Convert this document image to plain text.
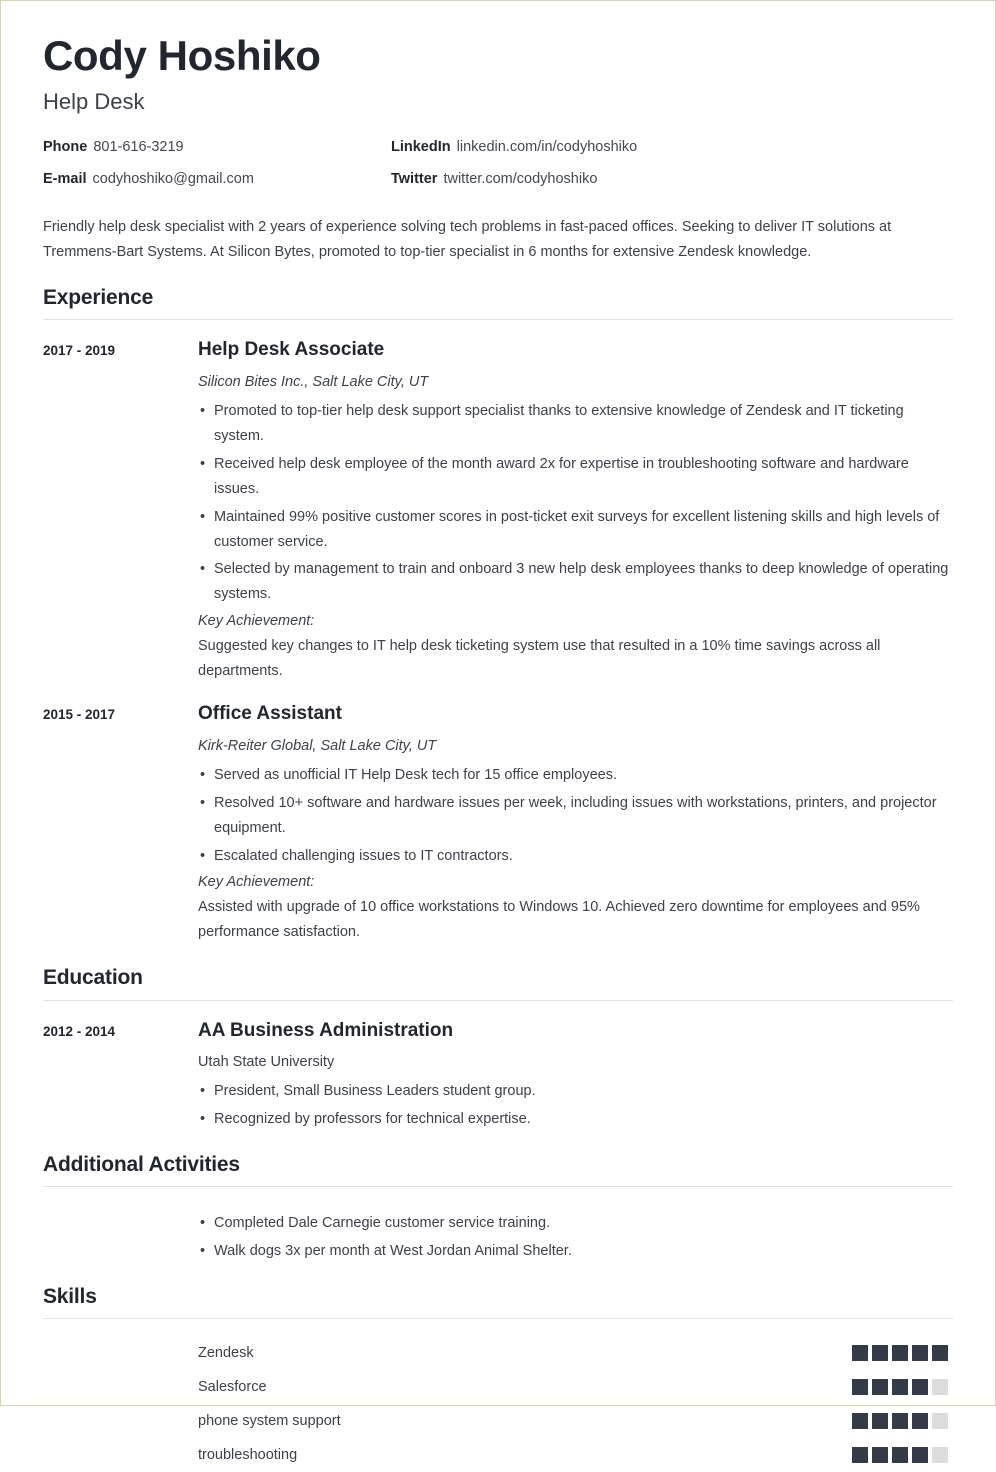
Cody Hoshiko

Help Desk

Phone 801-616-3219	LinkedIn linkedin.com/in/codyhoshiko
E-mail codyhoshiko@gmail.com	Twitter twitter.com/codyhoshiko

Friendly help desk specialist with 2 years of experience solving tech problems in fast-paced offices. Seeking to deliver IT solutions at Tremmens-Bart Systems. At Silicon Bytes, promoted to top-tier specialist in 6 months for extensive Zendesk knowledge.

Experience
2017 - 2019	Help Desk Associate

Silicon Bites Inc., Salt Lake City, UT

• Promoted to top-tier help desk support specialist thanks to extensive knowledge of Zendesk and IT ticketing system.
• Received help desk employee of the month award 2x for expertise in troubleshooting software and hardware issues.
• Maintained 99% positive customer scores in post-ticket exit surveys for excellent listening skills and high levels of customer service.
• Selected by management to train and onboard 3 new help desk employees thanks to deep knowledge of operating systems.

Key Achievement:

Suggested key changes to IT help desk ticketing system use that resulted in a 10% time savings across all departments.

2015 - 2017	Office Assistant

Kirk-Reiter Global, Salt Lake City, UT

• Served as unofficial IT Help Desk tech for 15 office employees.
• Resolved 10+ software and hardware issues per week, including issues with workstations, printers, and projector equipment.
• Escalated challenging issues to IT contractors.

Key Achievement:

Assisted with upgrade of 10 office workstations to Windows 10. Achieved zero downtime for employees and 95% performance satisfaction.

Education
2012 - 2014	AA Business Administration

Utah State University

• President, Small Business Leaders student group.
• Recognized by professors for technical expertise.
Additional Activities
• Completed Dale Carnegie customer service training.
• Walk dogs 3x per month at West Jordan Animal Shelter.
Skills
Zendesk
Salesforce
phone system support
troubleshooting
